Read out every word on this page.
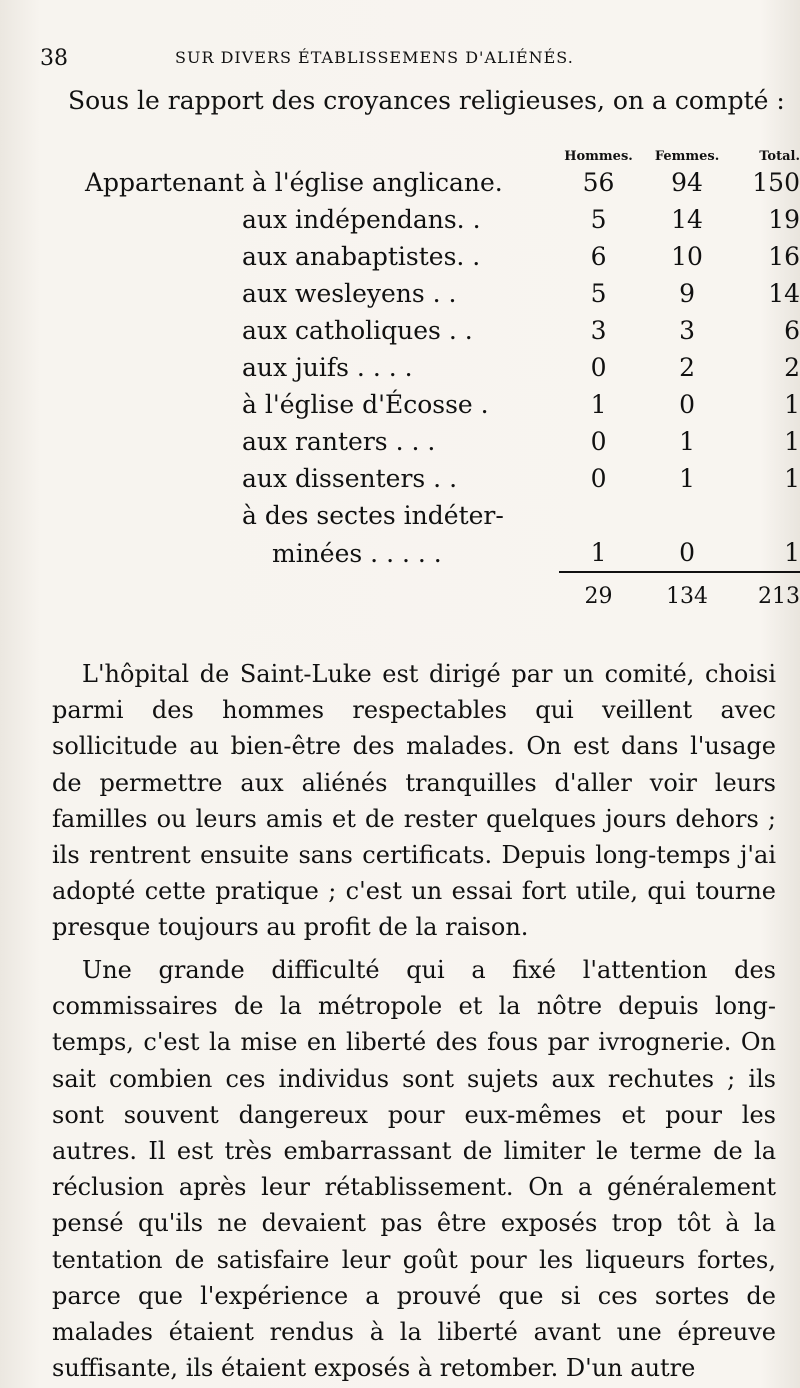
38	SUR DIVERS ÉTABLISSEMENS D'ALIÉNÉS.
Sous le rapport des croyances religieuses, on a compté :
	Hommes.	Femmes.	Total.
Appartenant à l'église anglicane.	56	94	150
aux indépendans. .	5	14	19
aux anabaptistes. .	6	10	16
aux wesleyens . .	5	9	14
aux catholiques . .	3	3	6
aux juifs . . . .	0	2	2
à l'église d'Écosse .	1	0	1
aux ranters . . .	0	1	1
aux dissenters . .	0	1	1
à des sectes indéter-			
minées . . . . .	1	0	1
	29	134	213

L'hôpital de Saint-Luke est dirigé par un comité, choisi parmi des hommes respectables qui veillent avec sollicitude au bien-être des malades. On est dans l'usage de permettre aux aliénés tranquilles d'aller voir leurs familles ou leurs amis et de rester quelques jours dehors ; ils rentrent ensuite sans certificats. Depuis long-temps j'ai adopté cette pratique ; c'est un essai fort utile, qui tourne presque toujours au profit de la raison.

Une grande difficulté qui a fixé l'attention des commissaires de la métropole et la nôtre depuis long-temps, c'est la mise en liberté des fous par ivrognerie. On sait combien ces individus sont sujets aux rechutes ; ils sont souvent dangereux pour eux-mêmes et pour les autres. Il est très embarrassant de limiter le terme de la réclusion après leur rétablissement. On a généralement pensé qu'ils ne devaient pas être exposés trop tôt à la tentation de satisfaire leur goût pour les liqueurs fortes, parce que l'expérience a prouvé que si ces sortes de malades étaient rendus à la liberté avant une épreuve suffisante, ils étaient exposés à retomber. D'un autre
